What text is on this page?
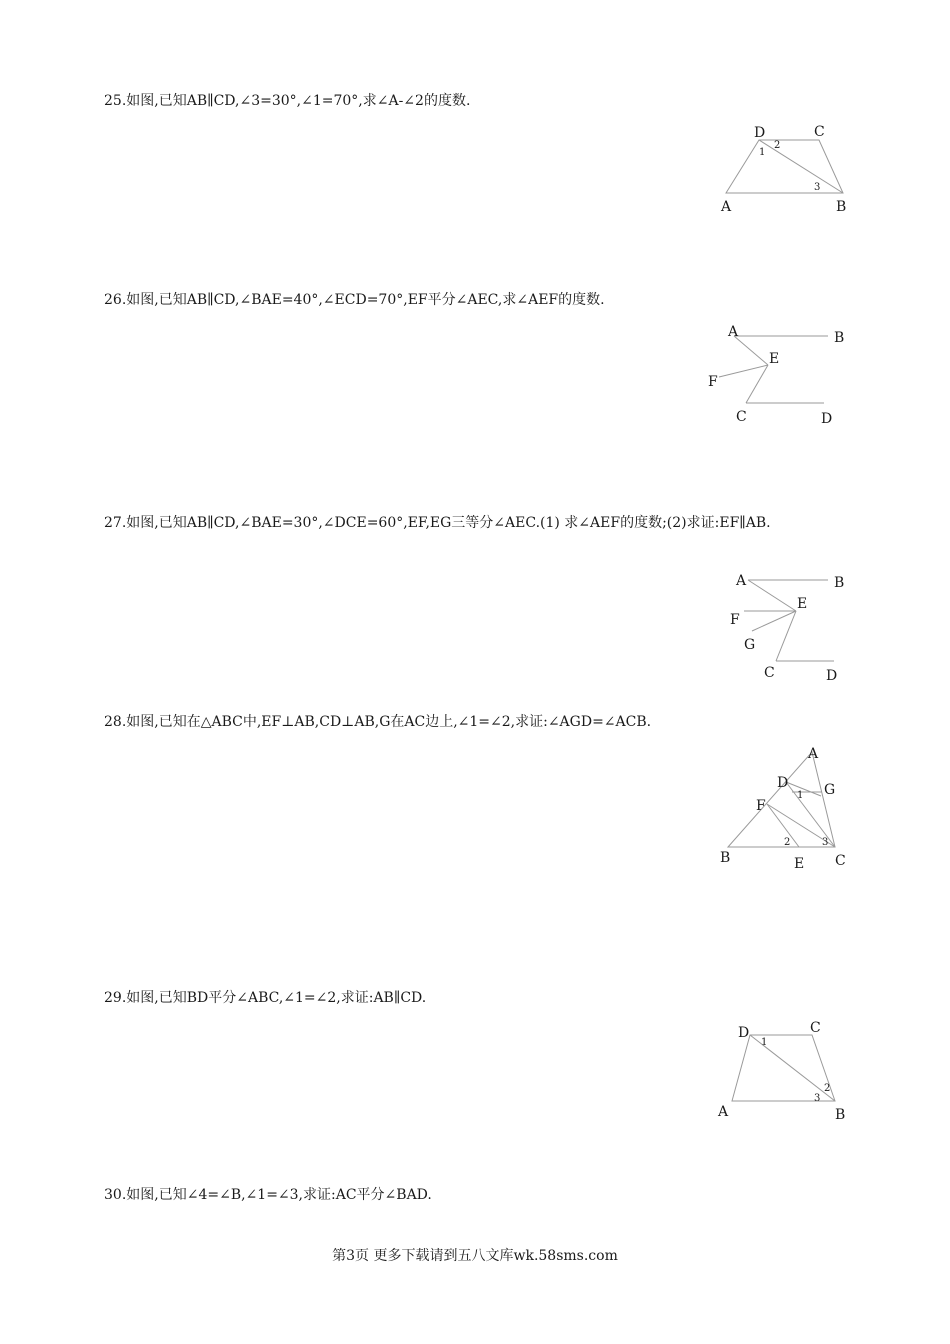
25.如图,已知AB∥CD,∠3=30°,∠1=70°,求∠A-∠2的度数.
D	C
A	B
1
2
3
26.如图,已知AB∥CD,∠BAE=40°,∠ECD=70°,EF平分∠AEC,求∠AEF的度数.
A	B
E
F
C	D
27.如图,已知AB∥CD,∠BAE=30°,∠DCE=60°,EF,EG三等分∠AEC.(1) 求∠AEF的度数;(2)求证:EF∥AB.
A	B
E
F
G
C	D
28.如图,已知在△ABC中,EF⊥AB,CD⊥AB,G在AC边上,∠1=∠2,求证:∠AGD=∠ACB.
A
D	G
F
B	E C
1
2	3
29.如图,已知BD平分∠ABC,∠1=∠2,求证:AB∥CD.
D	C
A	B
1
2
3
30.如图,已知∠4=∠B,∠1=∠3,求证:AC平分∠BAD.
第3页 更多下载请到五八文库wk.58sms.com
